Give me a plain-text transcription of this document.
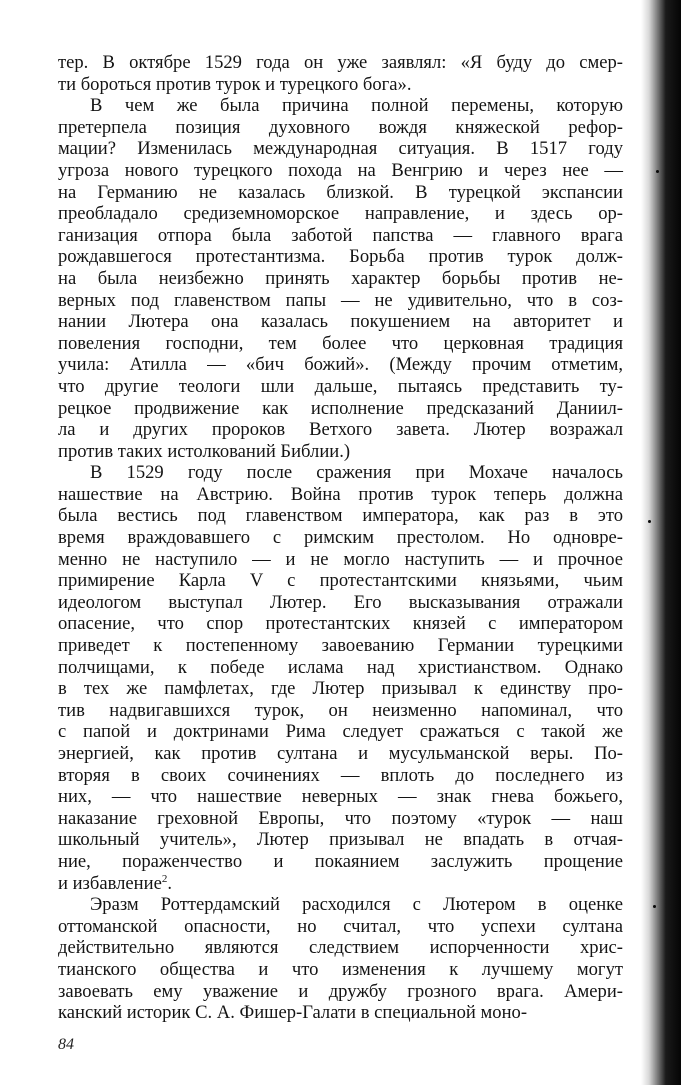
тер. В октябре 1529 года он уже заявлял: «Я буду до смер-
ти бороться против турок и турецкого бога».
В чем же была причина полной перемены, которую
претерпела позиция духовного вождя княжеской рефор-
мации? Изменилась международная ситуация. В 1517 году
угроза нового турецкого похода на Венгрию и через нее —
на Германию не казалась близкой. В турецкой экспансии
преобладало средиземноморское направление, и здесь ор-
ганизация отпора была заботой папства — главного врага
рождавшегося протестантизма. Борьба против турок долж-
на была неизбежно принять характер борьбы против не-
верных под главенством папы — не удивительно, что в соз-
нании Лютера она казалась покушением на авторитет и
повеления господни, тем более что церковная традиция
учила: Атилла — «бич божий». (Между прочим отметим,
что другие теологи шли дальше, пытаясь представить ту-
рецкое продвижение как исполнение предсказаний Даниил-
ла и других пророков Ветхого завета. Лютер возражал
против таких истолкований Библии.)
В 1529 году после сражения при Мохаче началось
нашествие на Австрию. Война против турок теперь должна
была вестись под главенством императора, как раз в это
время враждовавшего с римским престолом. Но одновре-
менно не наступило — и не могло наступить — и прочное
примирение Карла V с протестантскими князьями, чьим
идеологом выступал Лютер. Его высказывания отражали
опасение, что спор протестантских князей с императором
приведет к постепенному завоеванию Германии турецкими
полчищами, к победе ислама над христианством. Однако
в тех же памфлетах, где Лютер призывал к единству про-
тив надвигавшихся турок, он неизменно напоминал, что
с папой и доктринами Рима следует сражаться с такой же
энергией, как против султана и мусульманской веры. По-
вторяя в своих сочинениях — вплоть до последнего из
них, — что нашествие неверных — знак гнева божьего,
наказание греховной Европы, что поэтому «турок — наш
школьный учитель», Лютер призывал не впадать в отчая-
ние, пораженчество и покаянием заслужить прощение
и избавление$^2$.
Эразм Роттердамский расходился с Лютером в оценке
оттоманской опасности, но считал, что успехи султана
действительно являются следствием испорченности хрис-
тианского общества и что изменения к лучшему могут
завоевать ему уважение и дружбу грозного врага. Амери-
канский историк С. А. Фишер-Галати в специальной моно-
84
